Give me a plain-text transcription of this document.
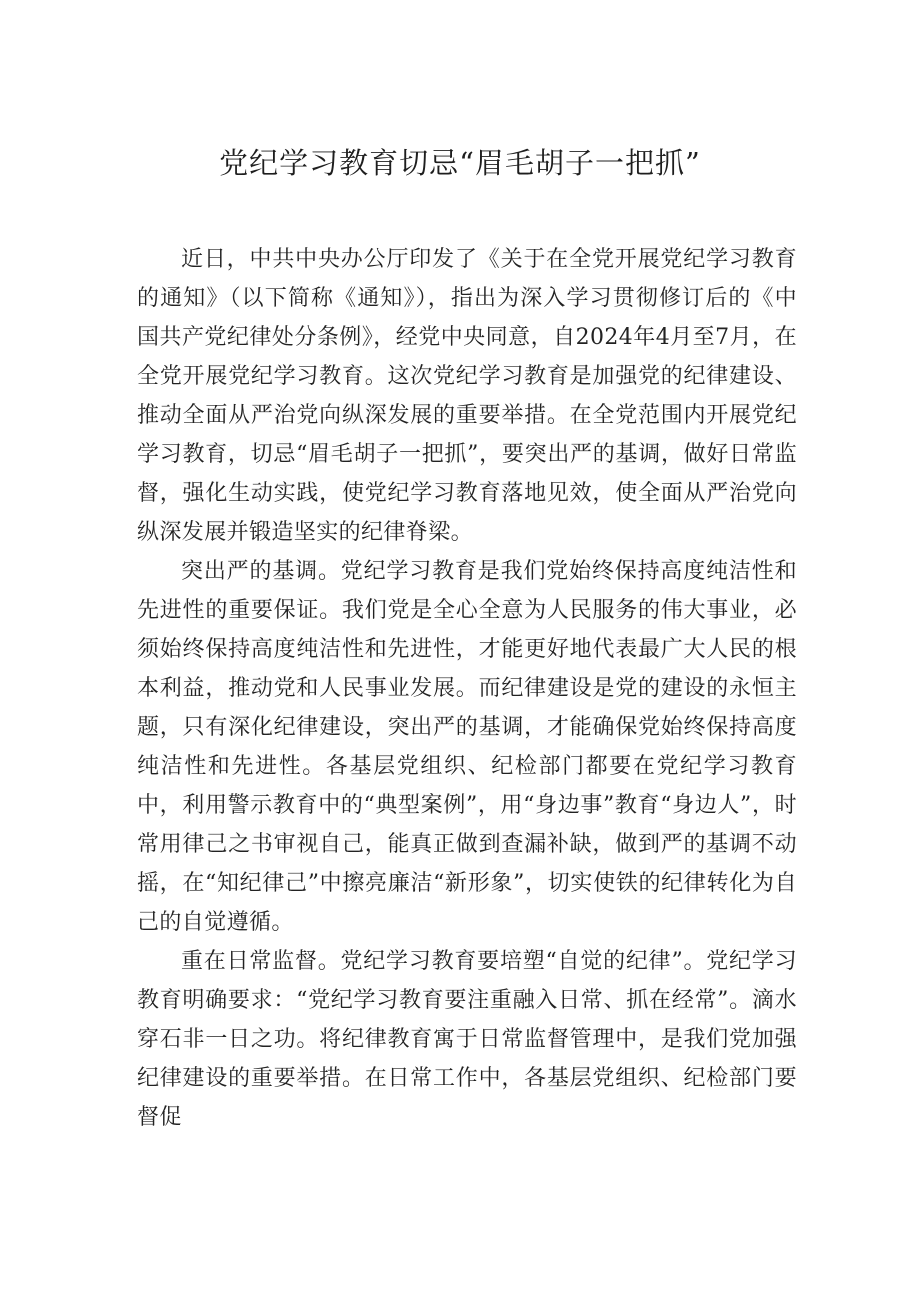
党纪学习教育切忌“眉毛胡子一把抓”

近日，中共中央办公厅印发了《关于在全党开展党纪学习教育的通知》（以下简称《通知》），指出为深入学习贯彻修订后的《中国共产党纪律处分条例》，经党中央同意，自2024年4月至7月，在全党开展党纪学习教育。这次党纪学习教育是加强党的纪律建设、推动全面从严治党向纵深发展的重要举措。在全党范围内开展党纪学习教育，切忌“眉毛胡子一把抓”，要突出严的基调，做好日常监督，强化生动实践，使党纪学习教育落地见效，使全面从严治党向纵深发展并锻造坚实的纪律脊梁。

突出严的基调。党纪学习教育是我们党始终保持高度纯洁性和先进性的重要保证。我们党是全心全意为人民服务的伟大事业，必须始终保持高度纯洁性和先进性，才能更好地代表最广大人民的根本利益，推动党和人民事业发展。而纪律建设是党的建设的永恒主题，只有深化纪律建设，突出严的基调，才能确保党始终保持高度纯洁性和先进性。各基层党组织、纪检部门都要在党纪学习教育中，利用警示教育中的“典型案例”，用“身边事”教育“身边人”，时常用律己之书审视自己，能真正做到查漏补缺，做到严的基调不动摇，在“知纪律己”中擦亮廉洁“新形象”，切实使铁的纪律转化为自己的自觉遵循。

重在日常监督。党纪学习教育要培塑“自觉的纪律”。党纪学习教育明确要求：“党纪学习教育要注重融入日常、抓在经常”。滴水穿石非一日之功。将纪律教育寓于日常监督管理中，是我们党加强纪律建设的重要举措。在日常工作中，各基层党组织、纪检部门要督促
